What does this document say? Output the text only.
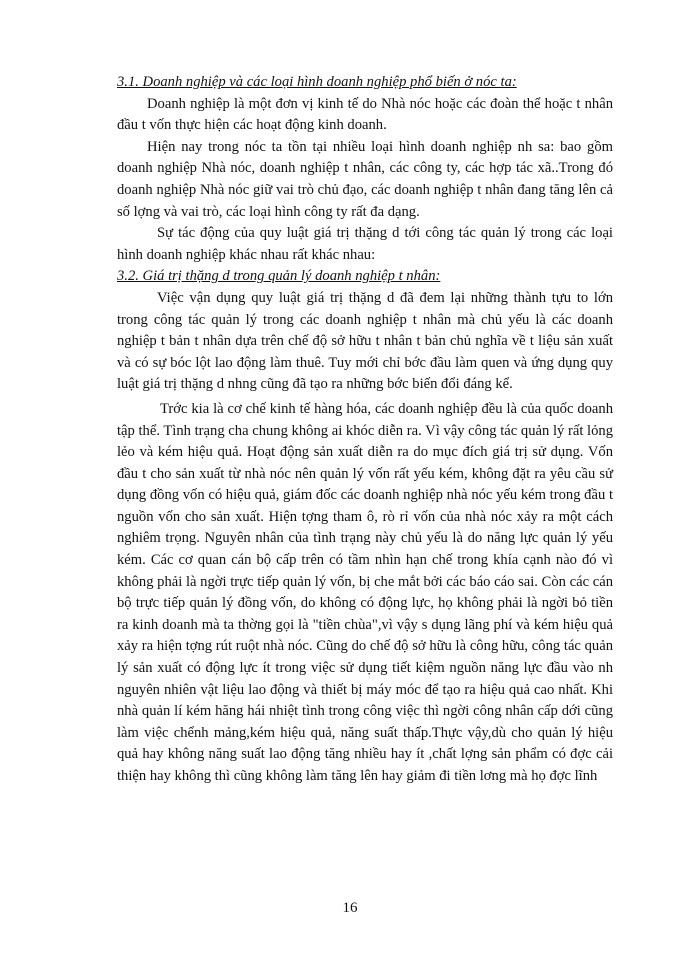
3.1. Doanh nghiệp và các loại hình doanh nghiệp phổ biến ở nóc ta:

Doanh nghiệp là một đơn vị kinh tế do Nhà nóc hoặc các đoàn thể hoặc t nhân đầu t vốn thực hiện các hoạt động kinh doanh.

Hiện nay trong nóc ta tồn tại nhiều loại hình doanh nghiệp nh sa: bao gồm doanh nghiệp Nhà nóc, doanh nghiệp t nhân, các công ty, các hợp tác xã..Trong đó doanh nghiệp Nhà nóc giữ vai trò chủ đạo, các doanh nghiệp t nhân đang tăng lên cả số lợng và vai trò, các loại hình công ty rất đa dạng.

Sự tác động của quy luật giá trị thặng d tới công tác quản lý trong các loại hình doanh nghiệp khác nhau rất khác nhau:

3.2. Giá trị thặng d trong quản lý doanh nghiệp t nhân:

Việc vận dụng quy luật giá trị thặng d đã đem lại những thành tựu to lớn trong công tác quản lý trong các doanh nghiệp t nhân mà chủ yếu là các doanh nghiệp t bản t nhân dựa trên chế độ sở hữu t nhân t bản chủ nghĩa về t liệu sản xuất và có sự bóc lột lao động làm thuê. Tuy mới chỉ bớc đầu làm quen và ứng dụng quy luật giá trị thặng d nhng cũng đã tạo ra những bớc biến đổi đáng kể.

Trớc kia là cơ chế kinh tế hàng hóa, các doanh nghiệp đều là của quốc doanh tập thể. Tình trạng cha chung không ai khóc diễn ra. Vì vậy công tác quản lý rất lỏng lẻo và kém hiệu quả. Hoạt động sản xuất diễn ra do mục đích giá trị sử dụng. Vốn đầu t cho sản xuất từ nhà nóc nên quản lý vốn rất yếu kém, không đặt ra yêu cầu sử dụng đồng vốn có hiệu quả, giám đốc các doanh nghiệp nhà nóc yếu kém trong đầu t nguồn vốn cho sản xuất. Hiện tợng tham ô, rò rỉ vốn của nhà nóc xảy ra một cách nghiêm trọng. Nguyên nhân của tình trạng này chủ yếu là do năng lực quản lý yếu kém. Các cơ quan cán bộ cấp trên có tầm nhìn hạn chế trong khía cạnh nào đó vì không phải là ngời trực tiếp quản lý vốn, bị che mắt bởi các báo cáo sai. Còn các cán bộ trực tiếp quản lý đồng vốn, do không có động lực, họ không phải là ngời bỏ tiền ra kinh doanh mà ta thờng gọi là "tiền chùa",vì vậy s dụng lãng phí và kém hiệu quả xảy ra hiện tợng rút ruột nhà nóc. Cũng do chế độ sở hữu là công hữu, công tác quản lý sản xuất có động lực ít trong việc sử dụng tiết kiệm nguồn năng lực đầu vào nh nguyên nhiên vật liệu lao động và thiết bị máy móc để tạo ra hiệu quả cao nhất. Khi nhà quản lí kém hăng hái nhiệt tình trong công việc thì ngời công nhân cấp dới cũng làm việc chểnh mảng,kém hiệu quả, năng suất thấp.Thực vậy,dù cho quản lý hiệu quả hay không năng suất lao động tăng nhiều hay ít ,chất lợng sản phẩm có đợc cải thiện hay không thì cũng không làm tăng lên hay giảm đi tiền lơng mà họ đợc lĩnh

16
